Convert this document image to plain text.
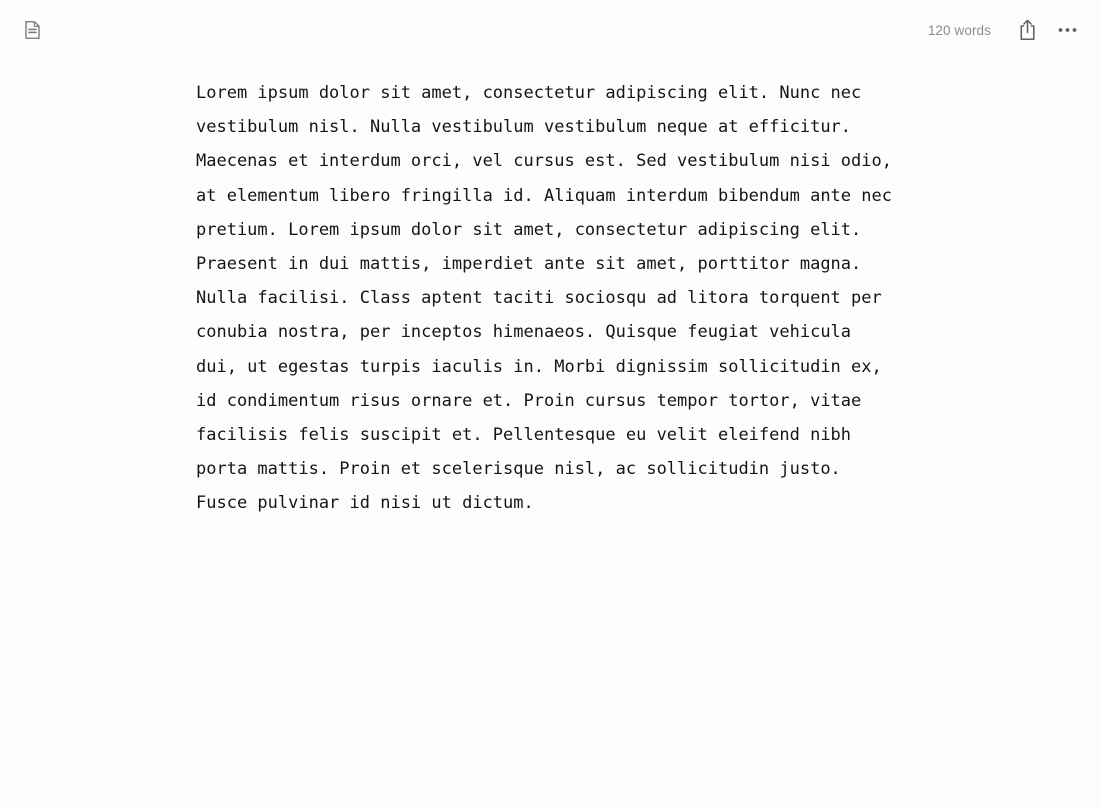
120 words

Lorem ipsum dolor sit amet, consectetur adipiscing elit. Nunc nec vestibulum nisl. Nulla vestibulum vestibulum neque at efficitur. Maecenas et interdum orci, vel cursus est. Sed vestibulum nisi odio, at elementum libero fringilla id. Aliquam interdum bibendum ante nec pretium. Lorem ipsum dolor sit amet, consectetur adipiscing elit. Praesent in dui mattis, imperdiet ante sit amet, porttitor magna. Nulla facilisi. Class aptent taciti sociosqu ad litora torquent per conubia nostra, per inceptos himenaeos. Quisque feugiat vehicula dui, ut egestas turpis iaculis in. Morbi dignissim sollicitudin ex, id condimentum risus ornare et. Proin cursus tempor tortor, vitae facilisis felis suscipit et. Pellentesque eu velit eleifend nibh porta mattis. Proin et scelerisque nisl, ac sollicitudin justo. Fusce pulvinar id nisi ut dictum.
